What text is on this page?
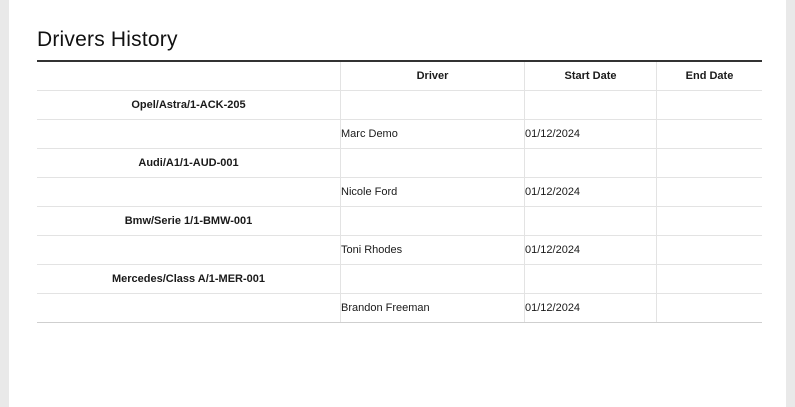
Drivers History
	Driver	Start Date	End Date
Opel/Astra/1-ACK-205			
	Marc Demo	01/12/2024	
Audi/A1/1-AUD-001			
	Nicole Ford	01/12/2024	
Bmw/Serie 1/1-BMW-001			
	Toni Rhodes	01/12/2024	
Mercedes/Class A/1-MER-001			
	Brandon Freeman	01/12/2024	
